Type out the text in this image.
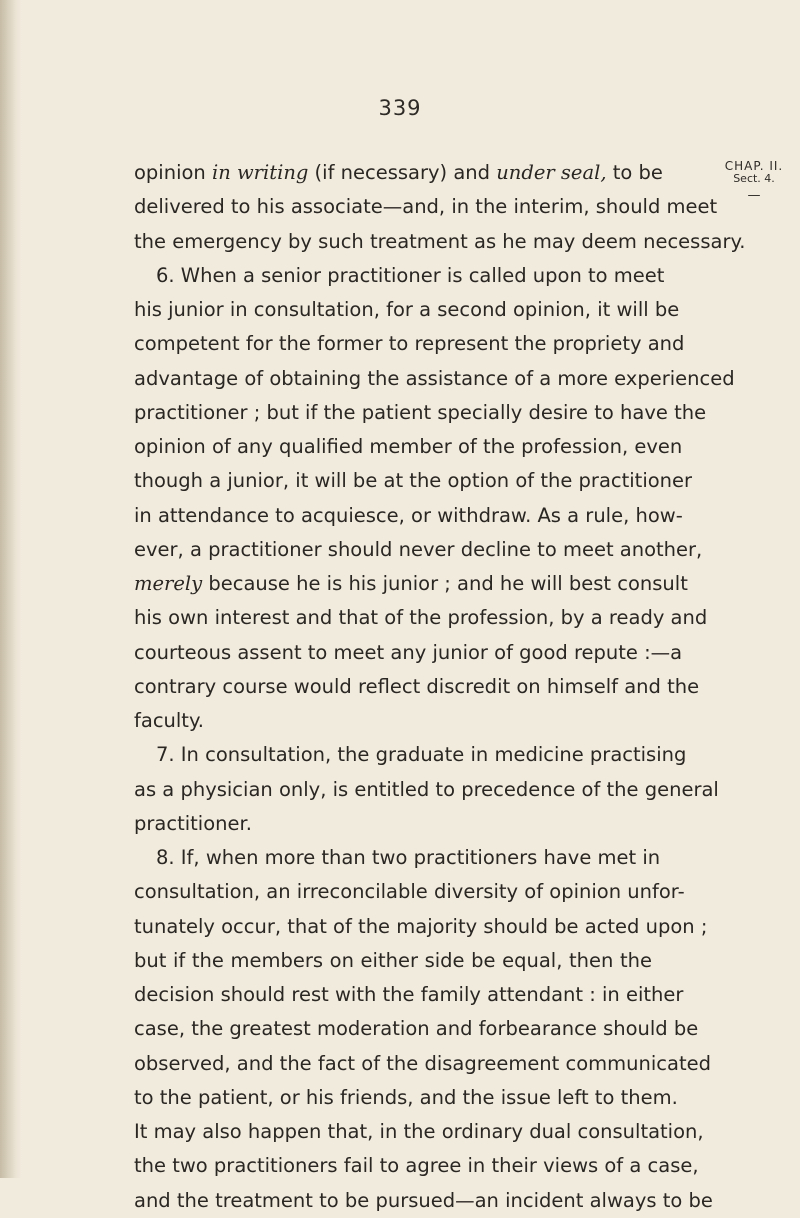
339
CHAP. II.
Sect. 4.
—
opinion in writing (if necessary) and under seal, to be
delivered to his associate—and, in the interim, should meet
the emergency by such treatment as he may deem necessary.
6. When a senior practitioner is called upon to meet
his junior in consultation, for a second opinion, it will be
competent for the former to represent the propriety and
advantage of obtaining the assistance of a more experienced
practitioner ; but if the patient specially desire to have the
opinion of any qualified member of the profession, even
though a junior, it will be at the option of the practitioner
in attendance to acquiesce, or withdraw. As a rule, how-
ever, a practitioner should never decline to meet another,
merely because he is his junior ; and he will best consult
his own interest and that of the profession, by a ready and
courteous assent to meet any junior of good repute :—a
contrary course would reflect discredit on himself and the
faculty.
7. In consultation, the graduate in medicine practising
as a physician only, is entitled to precedence of the general
practitioner.
8. If, when more than two practitioners have met in
consultation, an irreconcilable diversity of opinion unfor-
tunately occur, that of the majority should be acted upon ;
but if the members on either side be equal, then the
decision should rest with the family attendant : in either
case, the greatest moderation and forbearance should be
observed, and the fact of the disagreement communicated
to the patient, or his friends, and the issue left to them.
It may also happen that, in the ordinary dual consultation,
the two practitioners fail to agree in their views of a case,
and the treatment to be pursued—an incident always to be
